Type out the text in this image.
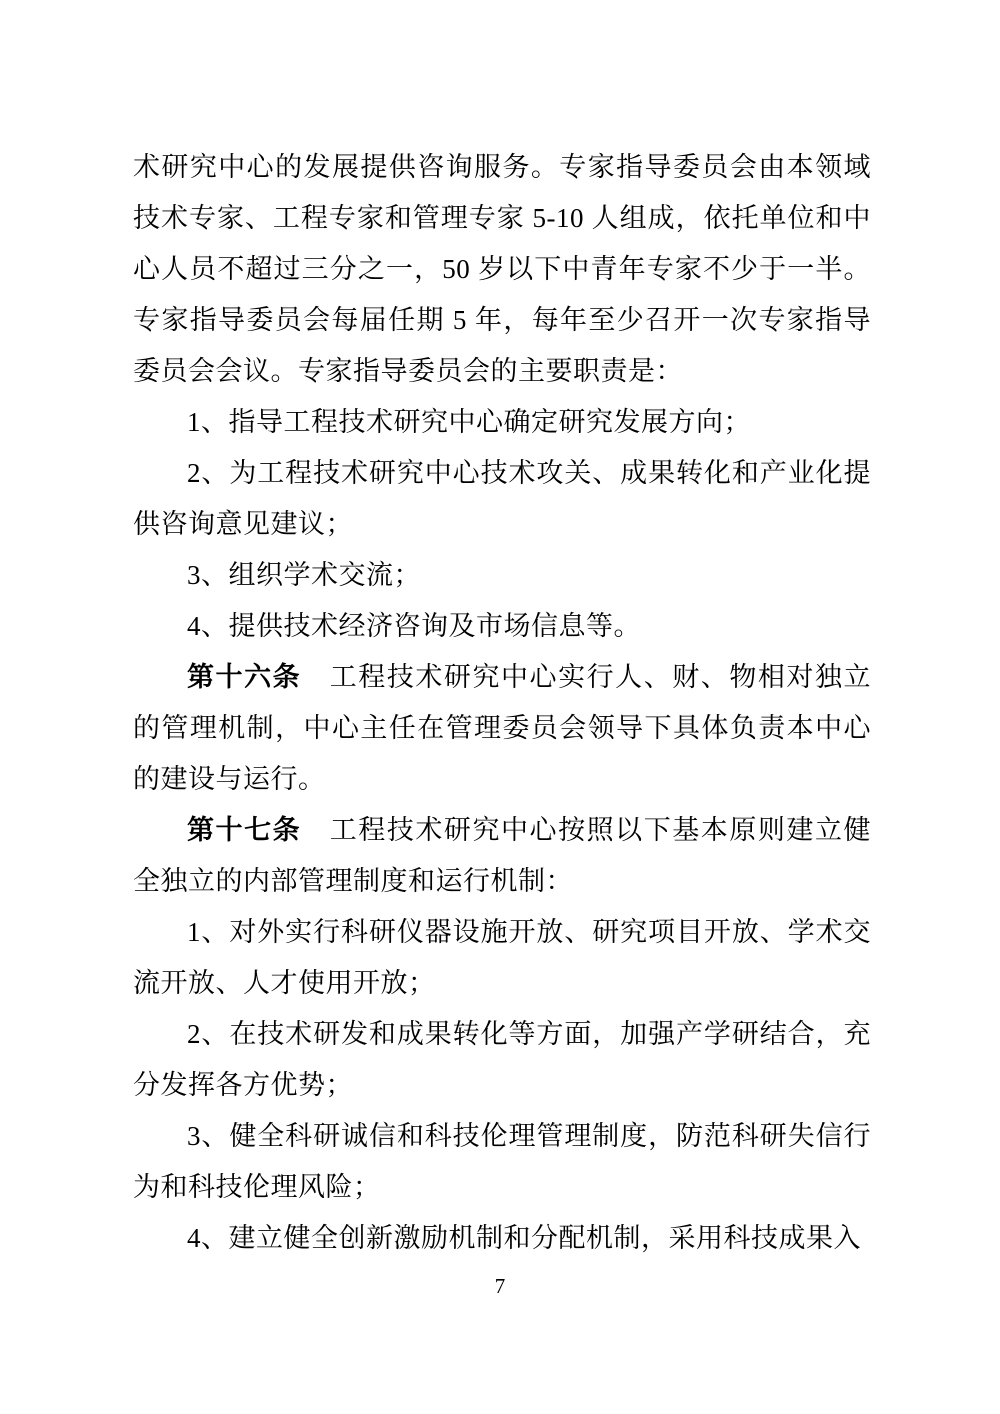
术研究中心的发展提供咨询服务。专家指导委员会由本领域技术专家、工程专家和管理专家 5-10 人组成，依托单位和中心人员不超过三分之一，50 岁以下中青年专家不少于一半。专家指导委员会每届任期 5 年，每年至少召开一次专家指导委员会会议。专家指导委员会的主要职责是：

1、指导工程技术研究中心确定研究发展方向；

2、为工程技术研究中心技术攻关、成果转化和产业化提供咨询意见建议；

3、组织学术交流；

4、提供技术经济咨询及市场信息等。

第十六条　工程技术研究中心实行人、财、物相对独立的管理机制，中心主任在管理委员会领导下具体负责本中心的建设与运行。

第十七条　工程技术研究中心按照以下基本原则建立健全独立的内部管理制度和运行机制：

1、对外实行科研仪器设施开放、研究项目开放、学术交流开放、人才使用开放；

2、在技术研发和成果转化等方面，加强产学研结合，充分发挥各方优势；

3、健全科研诚信和科技伦理管理制度，防范科研失信行为和科技伦理风险；

4、建立健全创新激励机制和分配机制，采用科技成果入

7
